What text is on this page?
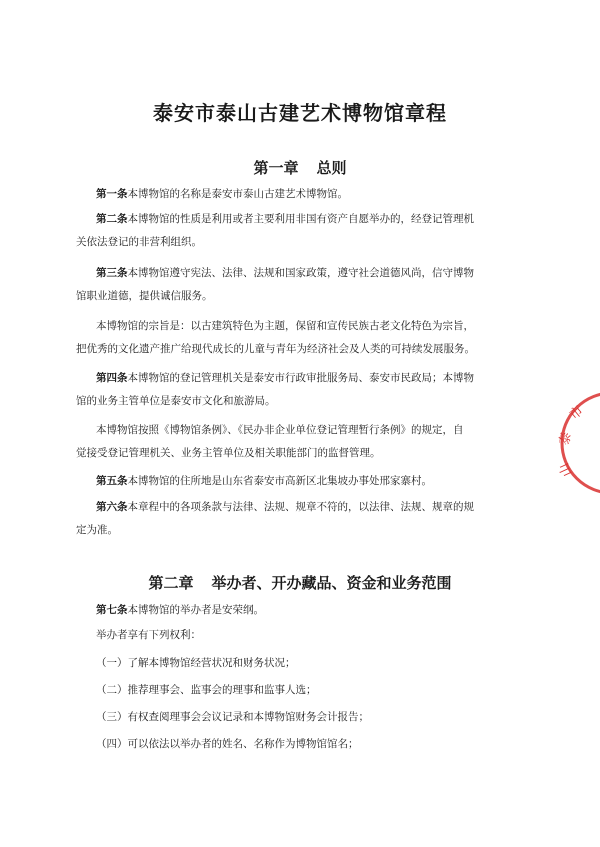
泰安市泰山古建艺术博物馆章程
第一章 总则
第一条本博物馆的名称是泰安市泰山古建艺术博物馆。
第二条本博物馆的性质是利用或者主要利用非国有资产自愿举办的，经登记管理机
关依法登记的非营利组织。
第三条本博物馆遵守宪法、法律、法规和国家政策，遵守社会道德风尚，信守博物
馆职业道德，提供诚信服务。
本博物馆的宗旨是：以古建筑特色为主题，保留和宣传民族古老文化特色为宗旨，
把优秀的文化遗产推广给现代成长的儿童与青年为经济社会及人类的可持续发展服务。
第四条本博物馆的登记管理机关是泰安市行政审批服务局、泰安市民政局；本博物
馆的业务主管单位是泰安市文化和旅游局。
本博物馆按照《博物馆条例》、《民办非企业单位登记管理暂行条例》的规定，自
觉接受登记管理机关、业务主管单位及相关职能部门的监督管理。
第五条本博物馆的住所地是山东省泰安市高新区北集坡办事处邢家寨村。
第六条本章程中的各项条款与法律、法规、规章不符的，以法律、法规、规章的规
定为准。
第二章 举办者、开办藏品、资金和业务范围
第七条本博物馆的举办者是安荣纲。
举办者享有下列权利：
（一）了解本博物馆经营状况和财务状况；
（二）推荐理事会、监事会的理事和监事人选；
（三）有权查阅理事会会议记录和本博物馆财务会计报告；
（四）可以依法以举办者的姓名、名称作为博物馆馆名；
市
泰
山
